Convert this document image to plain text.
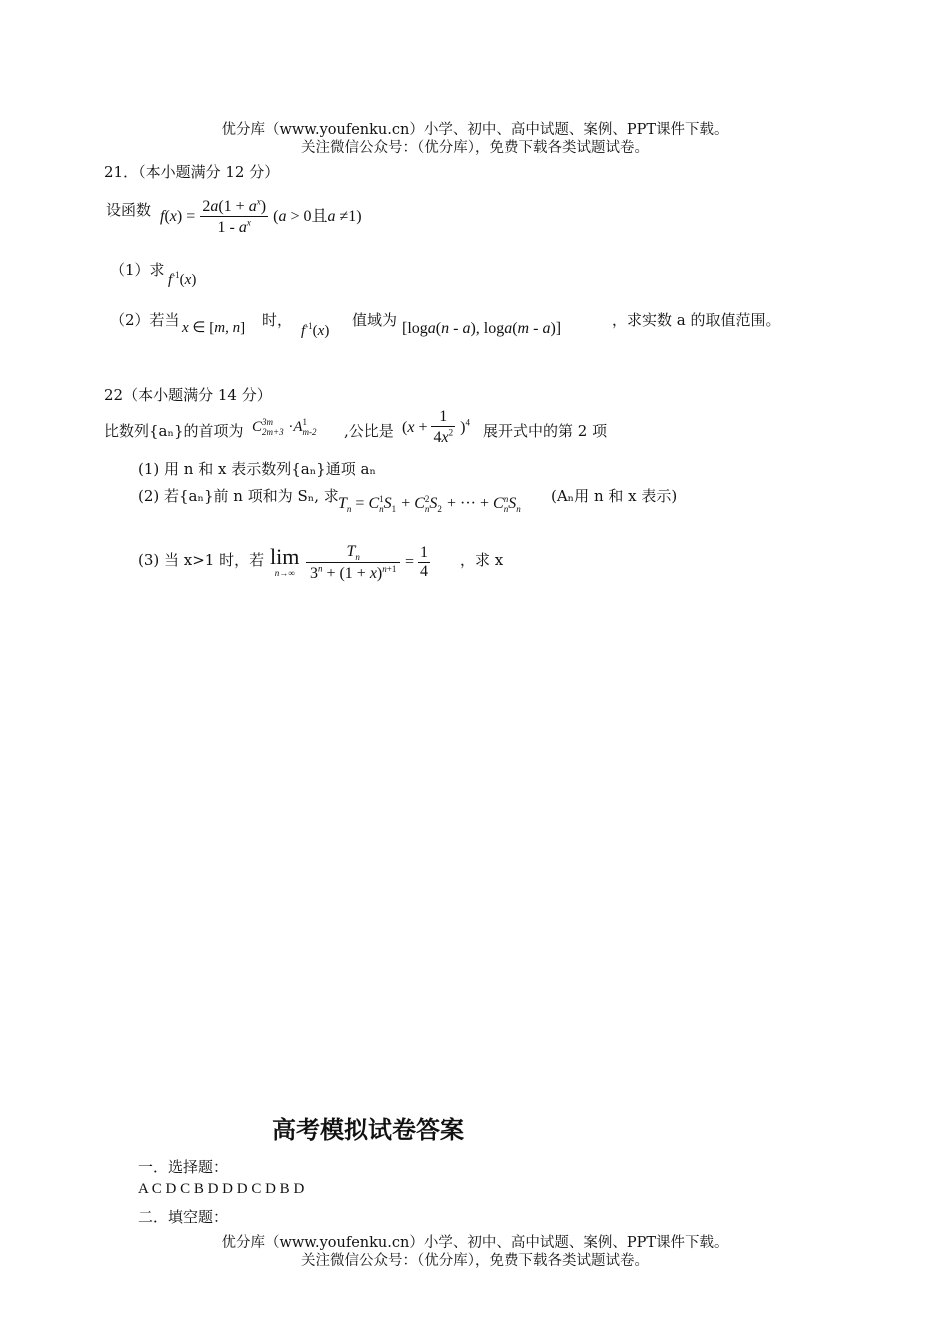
优分库（www.youfenku.cn）小学、初中、高中试题、案例、PPT课件下载。
关注微信公众号：（优分库），免费下载各类试题试卷。
21．（本小题满分 12 分）
设函数 $f(x) = \frac{2a(1 + a^x)}{1 - a^x} (a > 0$且a ≠1)
（1）求
$f^{-1}(x)$
（2）若当 x ∈ [m, n] 时，
$f^{-1}(x)$
值域为 [loga(n - a), loga(m - a)]	，求实数 a 的取值范围。
22（本小题满分 14 分）
比数列{aₙ}的首项为 C 3m
2m+3 ·A 1
m-2 ,公比是 $(x + \frac{1}{4x^2} )^4$ 展开式中的第 2 项
(1) 用 n 和 x 表示数列{aₙ}通项 aₙ
(2) 若{aₙ}前 n 项和为 Sₙ, 求 $T_n = C$ 1
n $S_1 + C$ 2
n $S_2$ + ··· + C n
n $S_n$
(Aₙ用 n 和 x 表示)
(3) 当 x>1 时，若 lim
n→∞
$\frac{T_n}{3^n + (1 + x)^{n+1}} = \frac{1}{4}$ ，求 x
高考模拟试卷答案
一．选择题：
A C D C B D D D C D B D
二．填空题：
优分库（www.youfenku.cn）小学、初中、高中试题、案例、PPT课件下载。
关注微信公众号：（优分库），免费下载各类试题试卷。
